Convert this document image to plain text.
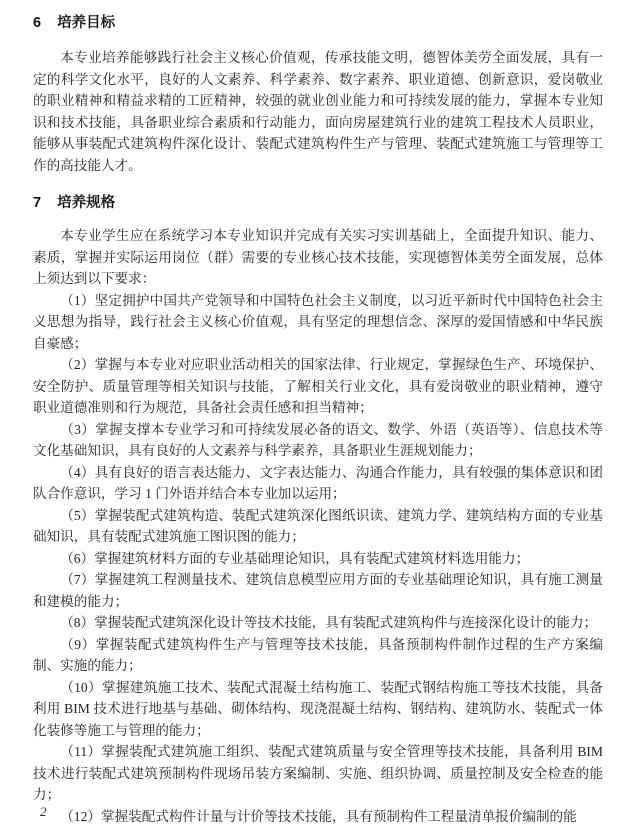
6 培养目标

本专业培养能够践行社会主义核心价值观，传承技能文明，德智体美劳全面发展，具有一定的科学文化水平，良好的人文素养、科学素养、数字素养、职业道德、创新意识，爱岗敬业的职业精神和精益求精的工匠精神，较强的就业创业能力和可持续发展的能力，掌握本专业知识和技术技能，具备职业综合素质和行动能力，面向房屋建筑行业的建筑工程技术人员职业，能够从事装配式建筑构件深化设计、装配式建筑构件生产与管理、装配式建筑施工与管理等工作的高技能人才。

7 培养规格

本专业学生应在系统学习本专业知识并完成有关实习实训基础上，全面提升知识、能力、素质，掌握并实际运用岗位（群）需要的专业核心技术技能，实现德智体美劳全面发展，总体上须达到以下要求：

（1）坚定拥护中国共产党领导和中国特色社会主义制度，以习近平新时代中国特色社会主义思想为指导，践行社会主义核心价值观，具有坚定的理想信念、深厚的爱国情感和中华民族自豪感；

（2）掌握与本专业对应职业活动相关的国家法律、行业规定，掌握绿色生产、环境保护、安全防护、质量管理等相关知识与技能，了解相关行业文化，具有爱岗敬业的职业精神，遵守职业道德准则和行为规范，具备社会责任感和担当精神；

（3）掌握支撑本专业学习和可持续发展必备的语文、数学、外语（英语等）、信息技术等文化基础知识，具有良好的人文素养与科学素养，具备职业生涯规划能力；

（4）具有良好的语言表达能力、文字表达能力、沟通合作能力，具有较强的集体意识和团队合作意识，学习 1 门外语并结合本专业加以运用；

（5）掌握装配式建筑构造、装配式建筑深化图纸识读、建筑力学、建筑结构方面的专业基础知识，具有装配式建筑施工图识图的能力；

（6）掌握建筑材料方面的专业基础理论知识，具有装配式建筑材料选用能力；

（7）掌握建筑工程测量技术、建筑信息模型应用方面的专业基础理论知识，具有施工测量和建模的能力；

（8）掌握装配式建筑深化设计等技术技能，具有装配式建筑构件与连接深化设计的能力；

（9）掌握装配式建筑构件生产与管理等技术技能，具备预制构件制作过程的生产方案编制、实施的能力；

（10）掌握建筑施工技术、装配式混凝土结构施工、装配式钢结构施工等技术技能，具备利用 BIM 技术进行地基与基础、砌体结构、现浇混凝土结构、钢结构、建筑防水、装配式一体化装修等施工与管理的能力；

（11）掌握装配式建筑施工组织、装配式建筑质量与安全管理等技术技能，具备利用 BIM 技术进行装配式建筑预制构件现场吊装方案编制、实施、组织协调、质量控制及安全检查的能力；

（12）掌握装配式构件计量与计价等技术技能，具有预制构件工程量清单报价编制的能

2
